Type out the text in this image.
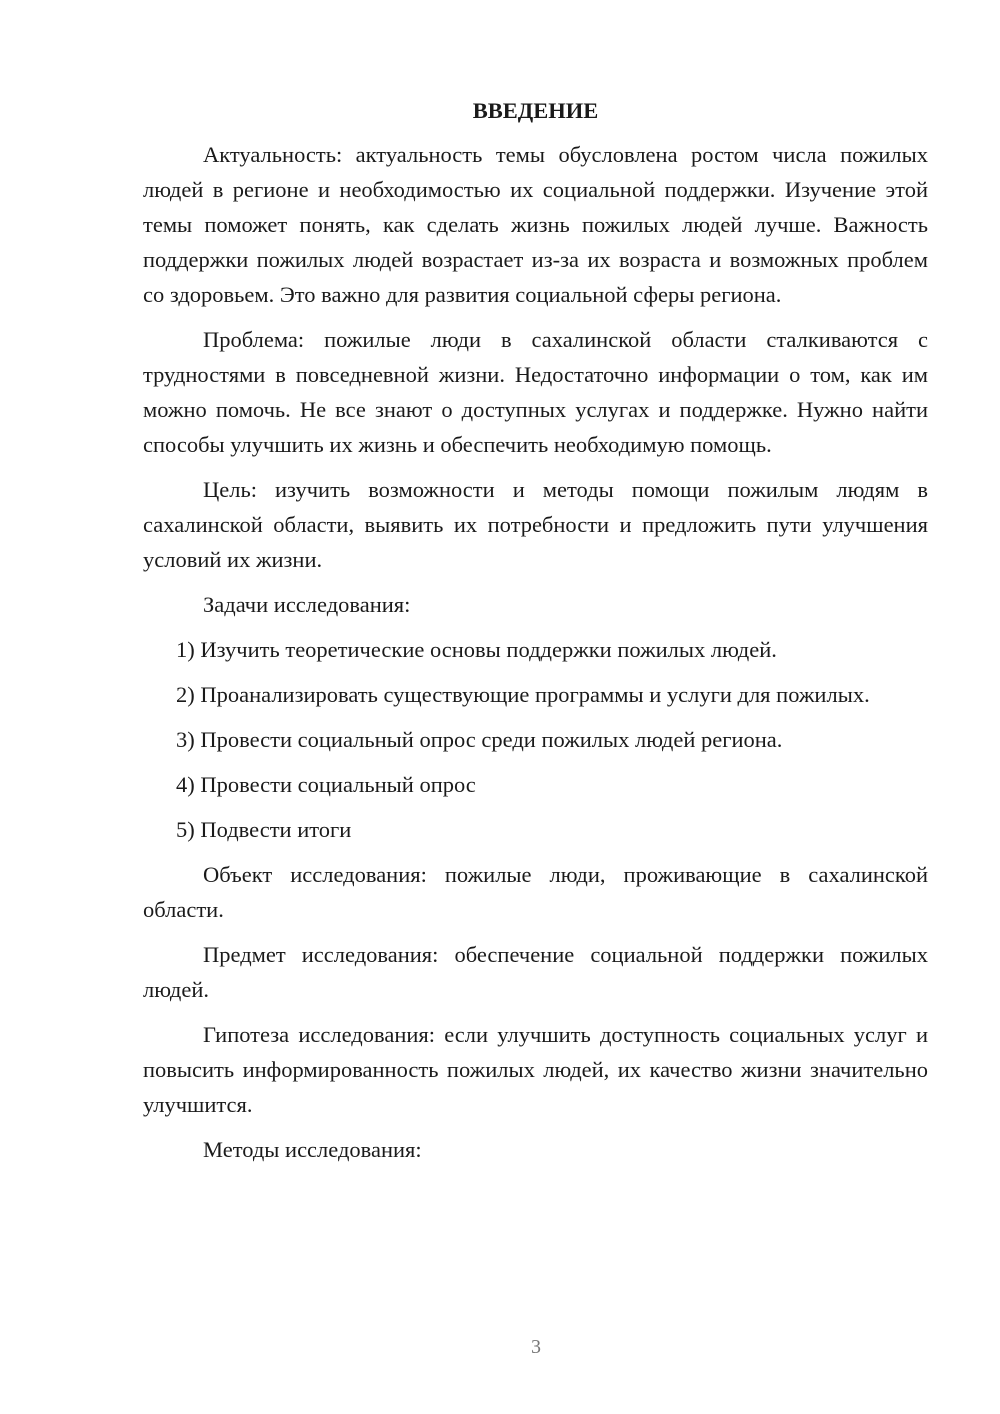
ВВЕДЕНИЕ

Актуальность: актуальность темы обусловлена ростом числа пожилых людей в регионе и необходимостью их социальной поддержки. Изучение этой темы поможет понять, как сделать жизнь пожилых людей лучше. Важность поддержки пожилых людей возрастает из-за их возраста и возможных проблем со здоровьем. Это важно для развития социальной сферы региона.

Проблема: пожилые люди в сахалинской области сталкиваются с трудностями в повседневной жизни. Недостаточно информации о том, как им можно помочь. Не все знают о доступных услугах и поддержке. Нужно найти способы улучшить их жизнь и обеспечить необходимую помощь.

Цель: изучить возможности и методы помощи пожилым людям в сахалинской области, выявить их потребности и предложить пути улучшения условий их жизни.

Задачи исследования:

1) Изучить теоретические основы поддержки пожилых людей.

2) Проанализировать существующие программы и услуги для пожилых.

3) Провести социальный опрос среди пожилых людей региона.

4) Провести социальный опрос

5) Подвести итоги

Объект исследования: пожилые люди, проживающие в сахалинской области.

Предмет исследования: обеспечение социальной поддержки пожилых людей.

Гипотеза исследования: если улучшить доступность социальных услуг и повысить информированность пожилых людей, их качество жизни значительно улучшится.

Методы исследования:

3
